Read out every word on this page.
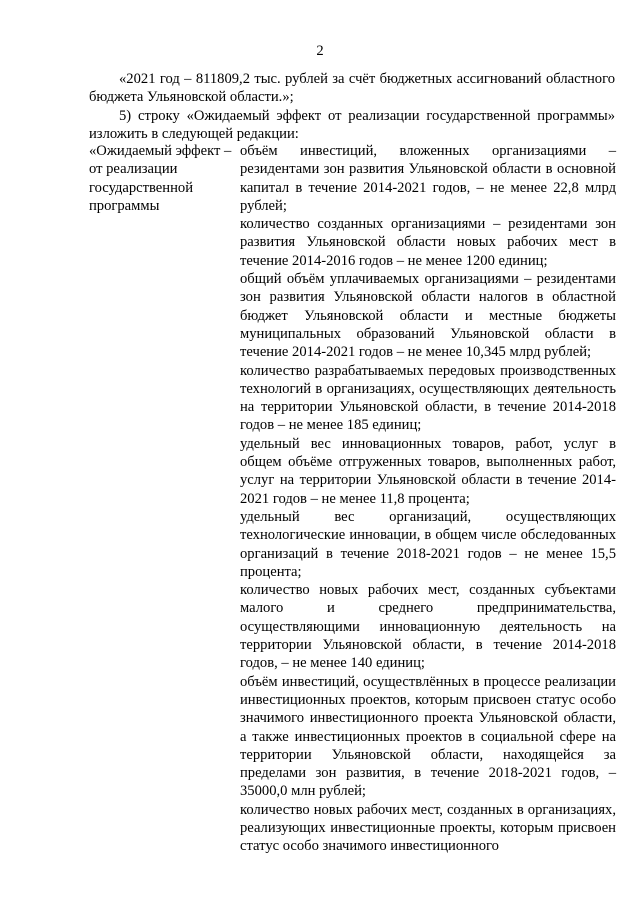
2

«2021 год – 811809,2 тыс. рублей за счёт бюджетных ассигнований областного бюджета Ульяновской области.»;

5) строку «Ожидаемый эффект от реализации государственной программы» изложить в следующей редакции:

«Ожидаемый эффект от реализации государственной программы
– объём инвестиций, вложенных организациями – резидентами зон развития Ульяновской области в основной капитал в течение 2014-2021 годов, – не менее 22,8 млрд рублей;

количество созданных организациями – резидентами зон развития Ульяновской области новых рабочих мест в течение 2014-2016 годов – не менее 1200 единиц;

общий объём уплачиваемых организациями – резидентами зон развития Ульяновской области налогов в областной бюджет Ульяновской области и местные бюджеты муниципальных образований Ульяновской области в течение 2014-2021 годов – не менее 10,345 млрд рублей;

количество разрабатываемых передовых производственных технологий в организациях, осуществляющих деятельность на территории Ульяновской области, в течение 2014-2018 годов – не менее 185 единиц;

удельный вес инновационных товаров, работ, услуг в общем объёме отгруженных товаров, выполненных работ, услуг на территории Ульяновской области в течение 2014-2021 годов – не менее 11,8 процента;

удельный вес организаций, осуществляющих технологические инновации, в общем числе обследованных организаций в течение 2018-2021 годов – не менее 15,5 процента;

количество новых рабочих мест, созданных субъектами малого и среднего предпринимательства, осуществляющими инновационную деятельность на территории Ульяновской области, в течение 2014-2018 годов, – не менее 140 единиц;

объём инвестиций, осуществлённых в процессе реализации инвестиционных проектов, которым присвоен статус особо значимого инвестиционного проекта Ульяновской области, а также инвестиционных проектов в социальной сфере на территории Ульяновской области, находящейся за пределами зон развития, в течение 2018-2021 годов, – 35000,0 млн рублей;

количество новых рабочих мест, созданных в организациях, реализующих инвестиционные проекты, которым присвоен статус особо значимого инвестиционного
